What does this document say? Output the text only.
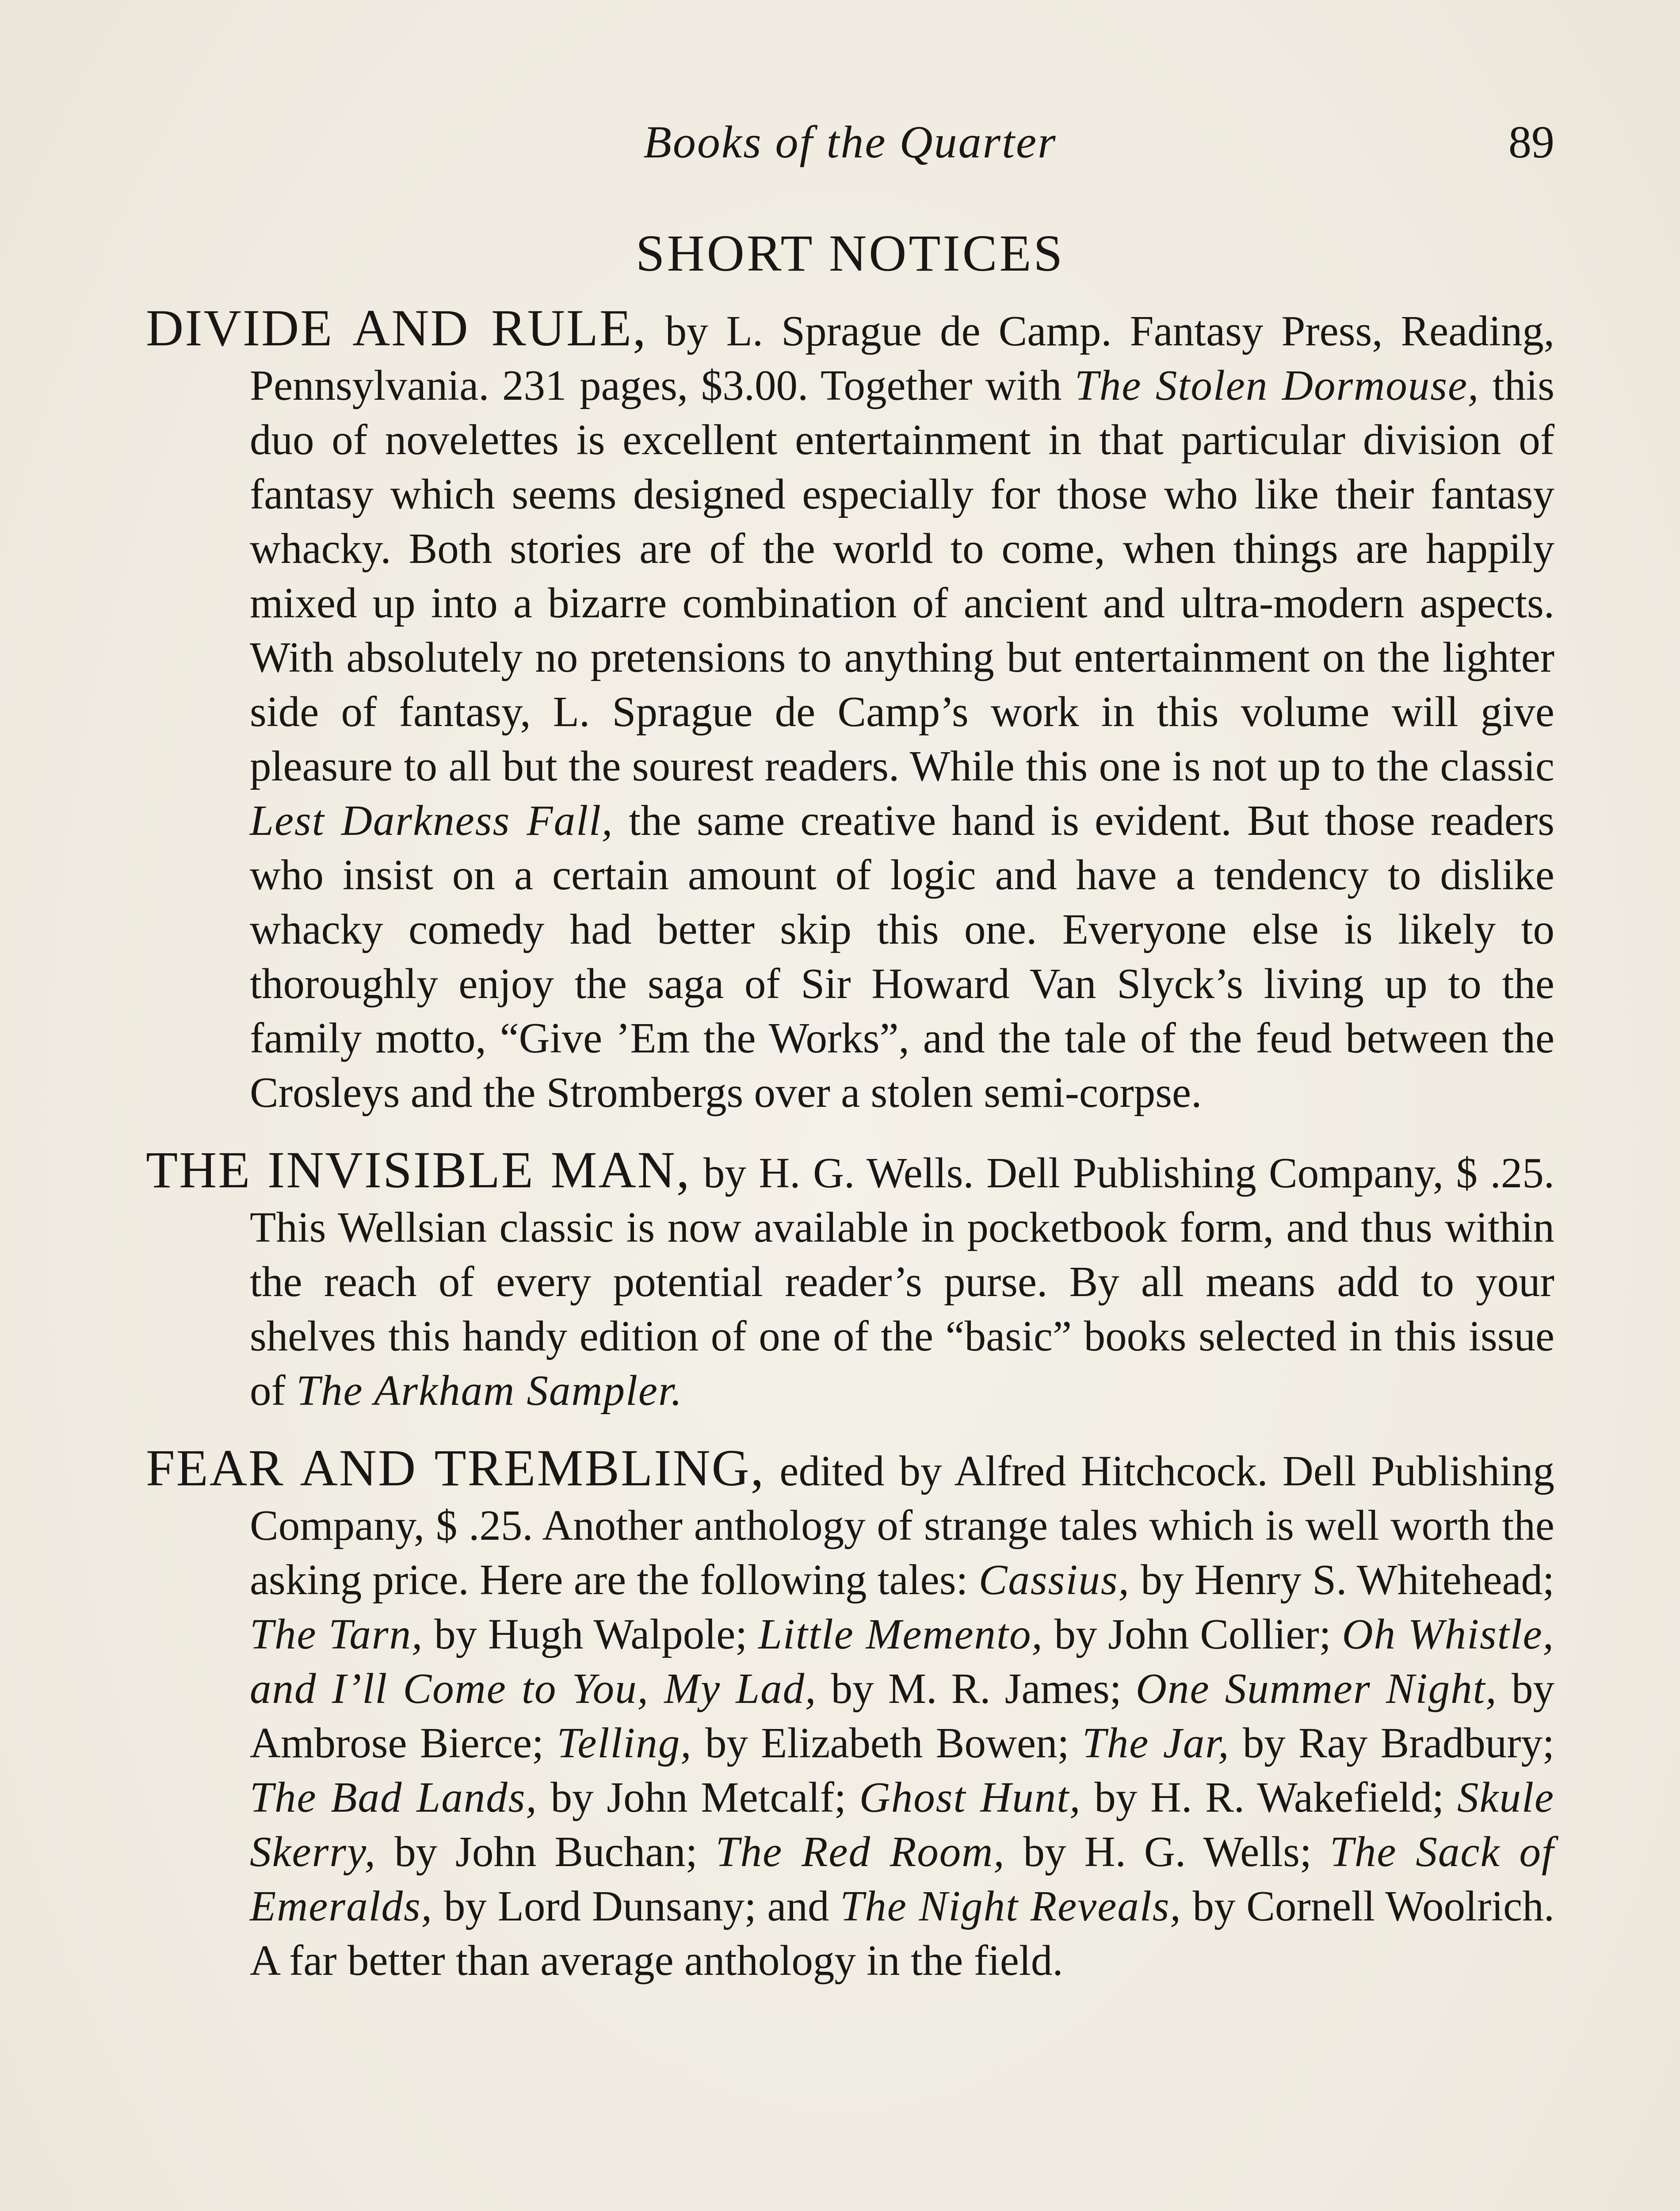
Books of the Quarter	89
SHORT NOTICES

DIVIDE AND RULE, by L. Sprague de Camp. Fantasy Press, Reading, Pennsylvania. 231 pages, $3.00. Together with The Stolen Dormouse, this duo of novelettes is excellent entertainment in that particular division of fantasy which seems designed especially for those who like their fantasy whacky. Both stories are of the world to come, when things are happily mixed up into a bizarre combination of ancient and ultra-modern aspects. With absolutely no pretensions to anything but entertainment on the lighter side of fantasy, L. Sprague de Camp’s work in this volume will give pleasure to all but the sourest readers. While this one is not up to the classic Lest Darkness Fall, the same creative hand is evident. But those readers who insist on a certain amount of logic and have a tendency to dislike whacky comedy had better skip this one. Everyone else is likely to thoroughly enjoy the saga of Sir Howard Van Slyck’s living up to the family motto, “Give ’Em the Works”, and the tale of the feud between the Crosleys and the Strombergs over a stolen semi-corpse.

THE INVISIBLE MAN, by H. G. Wells. Dell Publishing Company, $ .25. This Wellsian classic is now available in pocketbook form, and thus within the reach of every potential reader’s purse. By all means add to your shelves this handy edition of one of the “basic” books selected in this issue of The Arkham Sampler.

FEAR AND TREMBLING, edited by Alfred Hitchcock. Dell Publishing Company, $ .25. Another anthology of strange tales which is well worth the asking price. Here are the following tales: Cassius, by Henry S. Whitehead; The Tarn, by Hugh Walpole; Little Memento, by John Collier; Oh Whistle, and I’ll Come to You, My Lad, by M. R. James; One Summer Night, by Ambrose Bierce; Telling, by Elizabeth Bowen; The Jar, by Ray Bradbury; The Bad Lands, by John Metcalf; Ghost Hunt, by H. R. Wakefield; Skule Skerry, by John Buchan; The Red Room, by H. G. Wells; The Sack of Emeralds, by Lord Dunsany; and The Night Reveals, by Cornell Woolrich. A far better than average anthology in the field.
